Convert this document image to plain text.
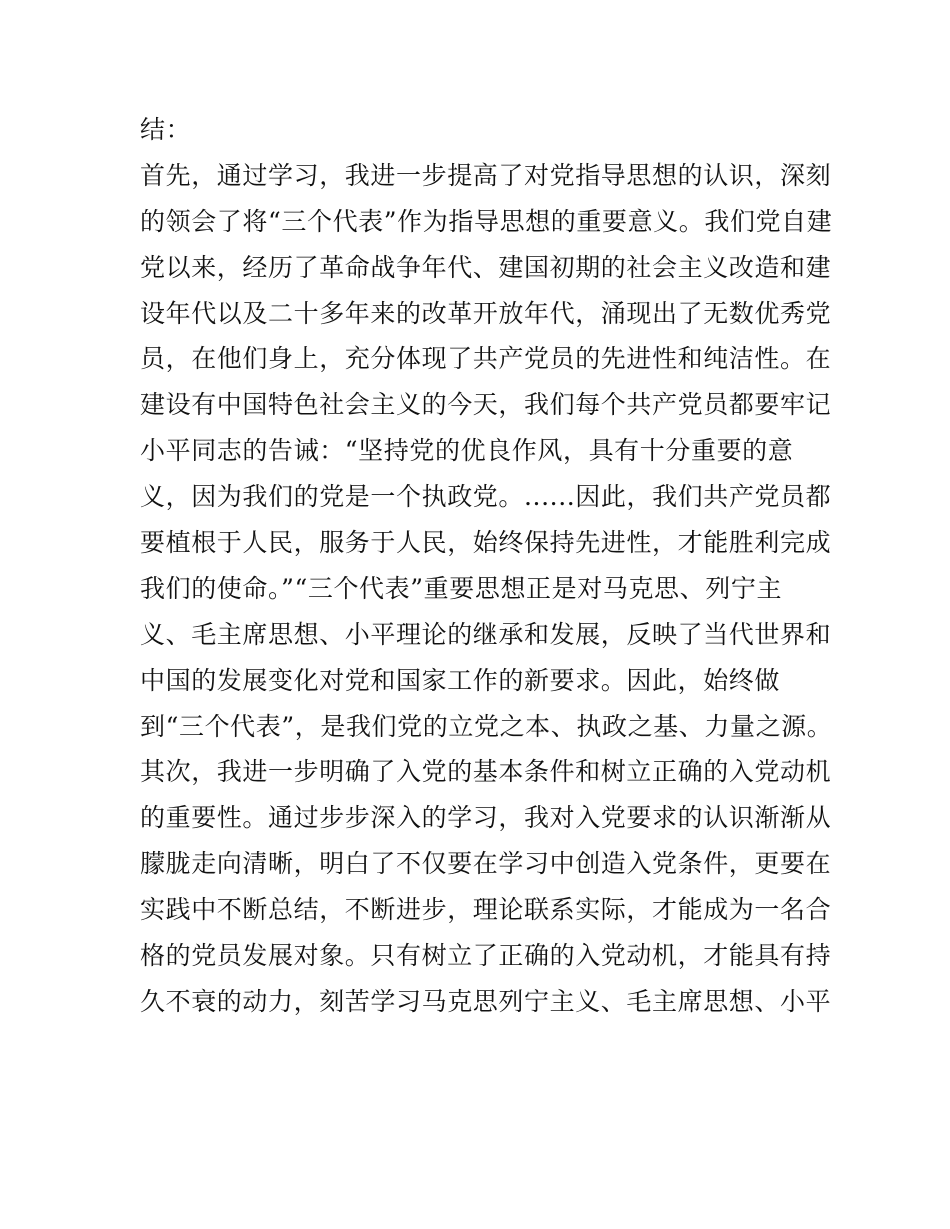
结：
首先，通过学习，我进一步提高了对党指导思想的认识，深刻
的领会了将“三个代表”作为指导思想的重要意义。我们党自建
党以来，经历了革命战争年代、建国初期的社会主义改造和建
设年代以及二十多年来的改革开放年代，涌现出了无数优秀党
员，在他们身上，充分体现了共产党员的先进性和纯洁性。在
建设有中国特色社会主义的今天，我们每个共产党员都要牢记
小平同志的告诫：“坚持党的优良作风，具有十分重要的意
义，因为我们的党是一个执政党。......因此，我们共产党员都
要植根于人民，服务于人民，始终保持先进性，才能胜利完成
我们的使命。”“三个代表”重要思想正是对马克思、列宁主
义、毛主席思想、小平理论的继承和发展，反映了当代世界和
中国的发展变化对党和国家工作的新要求。因此，始终做
到“三个代表”，是我们党的立党之本、执政之基、力量之源。
其次，我进一步明确了入党的基本条件和树立正确的入党动机
的重要性。通过步步深入的学习，我对入党要求的认识渐渐从
朦胧走向清晰，明白了不仅要在学习中创造入党条件，更要在
实践中不断总结，不断进步，理论联系实际，才能成为一名合
格的党员发展对象。只有树立了正确的入党动机，才能具有持
久不衰的动力，刻苦学习马克思列宁主义、毛主席思想、小平
